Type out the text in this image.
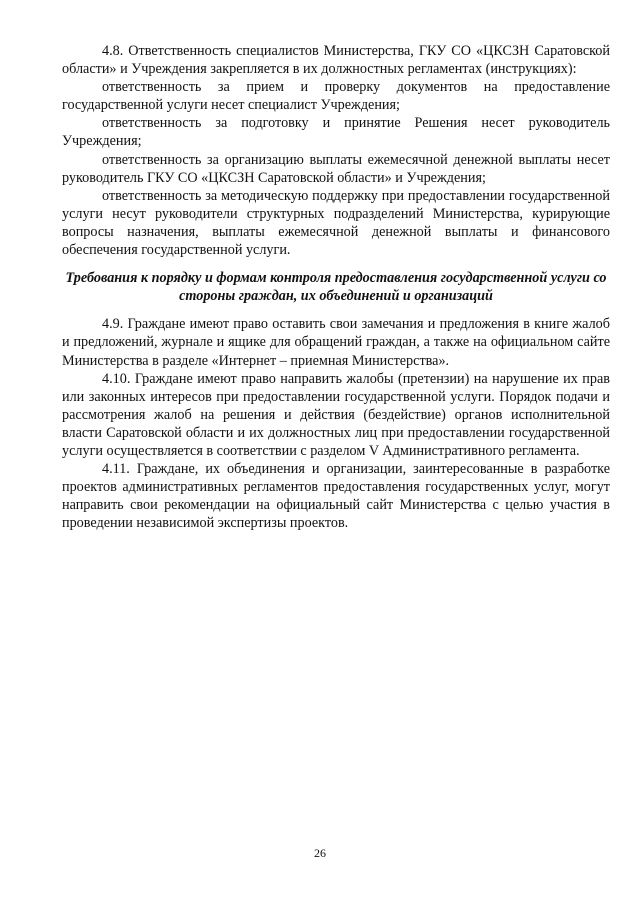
4.8. Ответственность специалистов Министерства, ГКУ СО «ЦКСЗН Саратовской области» и Учреждения закрепляется в их должностных регламентах (инструкциях):

ответственность за прием и проверку документов на предоставление государственной услуги несет специалист Учреждения;

ответственность за подготовку и принятие Решения несет руководитель Учреждения;

ответственность за организацию выплаты ежемесячной денежной выплаты несет руководитель ГКУ СО «ЦКСЗН Саратовской области» и Учреждения;

ответственность за методическую поддержку при предоставлении государственной услуги несут руководители структурных подразделений Министерства, курирующие вопросы назначения, выплаты ежемесячной денежной выплаты и финансового обеспечения государственной услуги.

Требования к порядку и формам контроля предоставления государственной услуги со стороны граждан, их объединений и организаций

4.9. Граждане имеют право оставить свои замечания и предложения в книге жалоб и предложений, журнале и ящике для обращений граждан, а также на официальном сайте Министерства в разделе «Интернет – приемная Министерства».

4.10. Граждане имеют право направить жалобы (претензии) на нарушение их прав или законных интересов при предоставлении государственной услуги. Порядок подачи и рассмотрения жалоб на решения и действия (бездействие) органов исполнительной власти Саратовской области и их должностных лиц при предоставлении государственной услуги осуществляется в соответствии с разделом V Административного регламента.

4.11. Граждане, их объединения и организации, заинтересованные в разработке проектов административных регламентов предоставления государственных услуг, могут направить свои рекомендации на официальный сайт Министерства с целью участия в проведении независимой экспертизы проектов.

26
